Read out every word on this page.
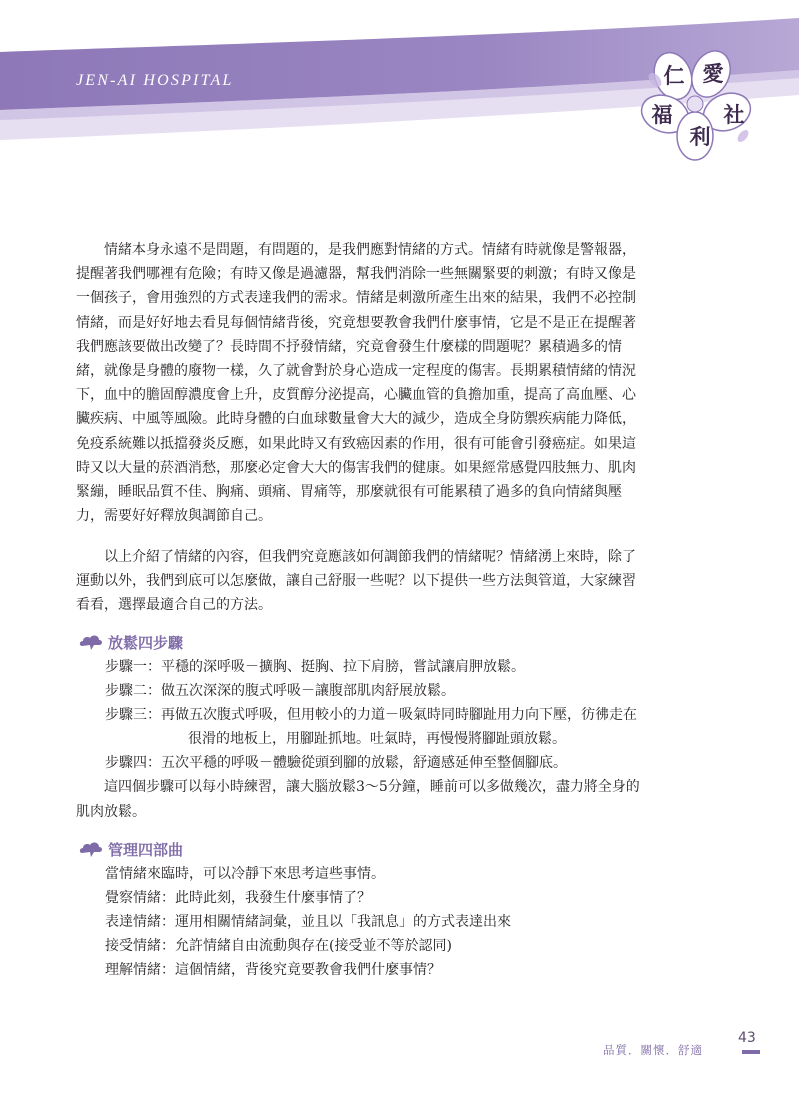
JEN-AI HOSPITAL	仁 愛
福
利
社
情緒本身永遠不是問題，有問題的，是我們應對情緒的方式。情緒有時就像是警報器，
提醒著我們哪裡有危險；有時又像是過濾器，幫我們消除一些無關緊要的刺激；有時又像是
一個孩子，會用強烈的方式表達我們的需求。情緒是刺激所產生出來的結果，我們不必控制
情緒，而是好好地去看見每個情緒背後，究竟想要教會我們什麼事情，它是不是正在提醒著
我們應該要做出改變了？長時間不抒發情緒，究竟會發生什麼樣的問題呢？累積過多的情
緒，就像是身體的廢物一樣，久了就會對於身心造成一定程度的傷害。長期累積情緒的情況
下，血中的膽固醇濃度會上升，皮質醇分泌提高，心臟血管的負擔加重，提高了高血壓、心
臟疾病、中風等風險。此時身體的白血球數量會大大的減少，造成全身防禦疾病能力降低，
免疫系統難以抵擋發炎反應，如果此時又有致癌因素的作用，很有可能會引發癌症。如果這
時又以大量的菸酒消愁，那麼必定會大大的傷害我們的健康。如果經常感覺四肢無力、肌肉
緊繃，睡眠品質不佳、胸痛、頭痛、胃痛等，那麼就很有可能累積了過多的負向情緒與壓
力，需要好好釋放與調節自己。
以上介紹了情緒的內容，但我們究竟應該如何調節我們的情緒呢？情緒湧上來時，除了
運動以外，我們到底可以怎麼做，讓自己舒服一些呢？以下提供一些方法與管道，大家練習
看看，選擇最適合自己的方法。
放鬆四步驟
步驟一：平穩的深呼吸－擴胸、挺胸、拉下肩膀，嘗試讓肩胛放鬆。
步驟二：做五次深深的腹式呼吸－讓腹部肌肉舒展放鬆。
步驟三：再做五次腹式呼吸，但用較小的力道－吸氣時同時腳趾用力向下壓，彷彿走在
很滑的地板上，用腳趾抓地。吐氣時，再慢慢將腳趾頭放鬆。
步驟四：五次平穩的呼吸－體驗從頭到腳的放鬆，舒適感延伸至整個腳底。
這四個步驟可以每小時練習，讓大腦放鬆3～5分鐘，睡前可以多做幾次，盡力將全身的
肌肉放鬆。
管理四部曲
當情緒來臨時，可以冷靜下來思考這些事情。
覺察情緒：此時此刻，我發生什麼事情了？
表達情緒：運用相關情緒詞彙，並且以「我訊息」的方式表達出來
接受情緒：允許情緒自由流動與存在(接受並不等於認同)
理解情緒：這個情緒，背後究竟要教會我們什麼事情？
品質．關懷．舒適
43
